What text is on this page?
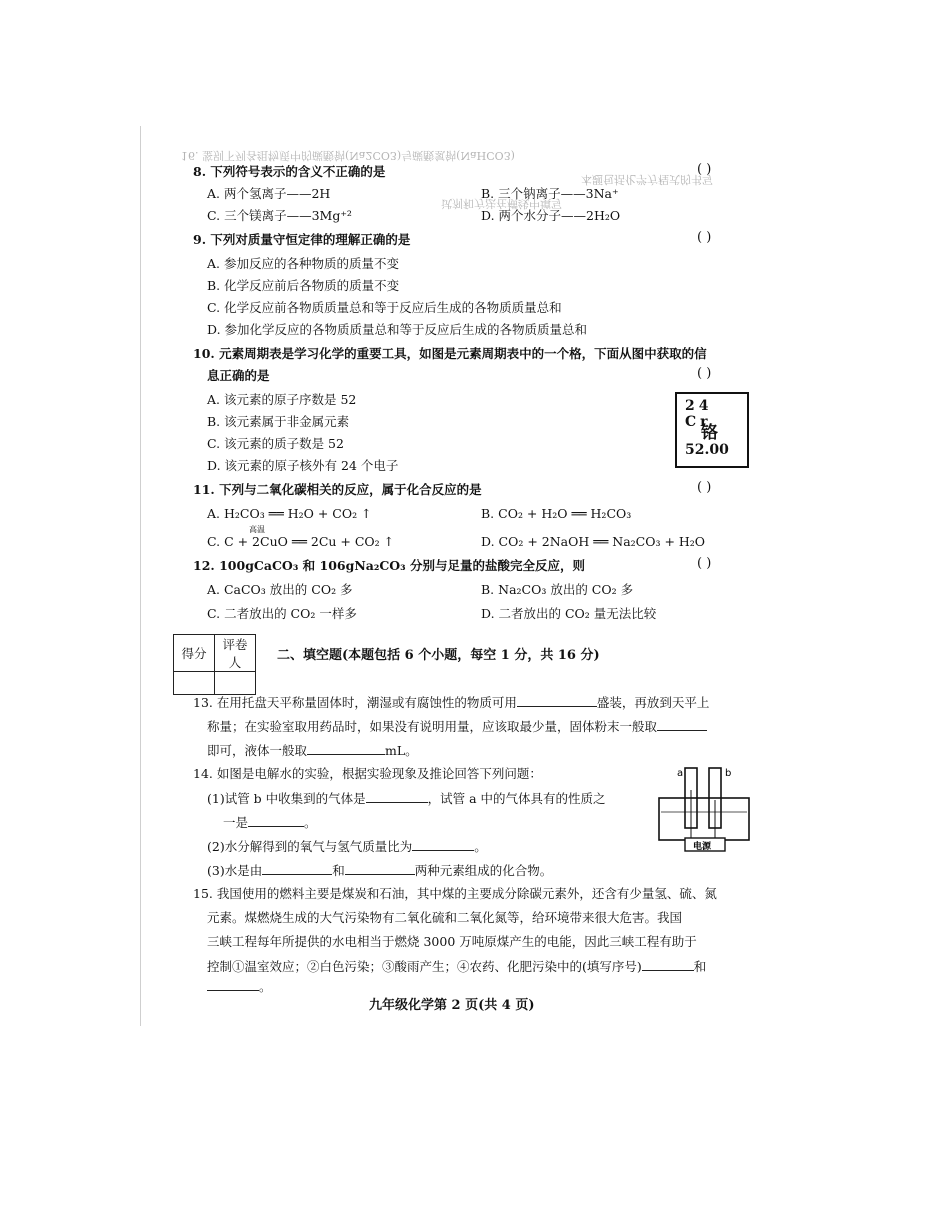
16. 鉴别下列各组物质中的碳酸钠(Na2CO3)与碳酸氢钠(NaHCO3)
本题包括化学方程式的书写
试剂和方法在横线中填写
8. 下列符号表示的含义不正确的是	( )
A. 两个氢离子——2H	B. 三个钠离子——3Na⁺
C. 三个镁离子——3Mg⁺²	D. 两个水分子——2H₂O
9. 下列对质量守恒定律的理解正确的是	( )
A. 参加反应的各种物质的质量不变
B. 化学反应前后各物质的质量不变
C. 化学反应前各物质质量总和等于反应后生成的各物质质量总和
D. 参加化学反应的各物质质量总和等于反应后生成的各物质质量总和
10. 元素周期表是学习化学的重要工具，如图是元素周期表中的一个格，下面从图中获取的信
息正确的是	( )
A. 该元素的原子序数是 52
B. 该元素属于非金属元素
C. 该元素的质子数是 52
D. 该元素的原子核外有 24 个电子
24 Cr
铬
52.00
11. 下列与二氧化碳相关的反应，属于化合反应的是	( )
A. H₂CO₃ ══ H₂O + CO₂ ↑	B. CO₂ + H₂O ══ H₂CO₃
高温
C. C + 2CuO ══ 2Cu + CO₂ ↑	D. CO₂ + 2NaOH ══ Na₂CO₃ + H₂O
12. 100gCaCO₃ 和 106gNa₂CO₃ 分别与足量的盐酸完全反应，则	( )
A. CaCO₃ 放出的 CO₂ 多	B. Na₂CO₃ 放出的 CO₂ 多
C. 二者放出的 CO₂ 一样多	D. 二者放出的 CO₂ 量无法比较
得分	评卷人
		二、填空题(本题包括 6 个小题，每空 1 分，共 16 分)
13. 在用托盘天平称量固体时，潮湿或有腐蚀性的物质可用	盛装，再放到天平上
称量；在实验室取用药品时，如果没有说明用量，应该取最少量，固体粉末一般取
即可，液体一般取	mL。
14. 如图是电解水的实验，根据实验现象及推论回答下列问题：
(1)试管 b 中收集到的气体是	，试管 a 中的气体具有的性质之
一是	。
(2)水分解得到的氧气与氢气质量比为	。
(3)水是由	和	两种元素组成的化合物。
a	b
电源
15. 我国使用的燃料主要是煤炭和石油，其中煤的主要成分除碳元素外，还含有少量氢、硫、氮
元素。煤燃烧生成的大气污染物有二氧化硫和二氧化氮等，给环境带来很大危害。我国
三峡工程每年所提供的水电相当于燃烧 3000 万吨原煤产生的电能，因此三峡工程有助于
控制①温室效应；②白色污染；③酸雨产生；④农药、化肥污染中的(填写序号)	和
。
九年级化学第 2 页(共 4 页)
